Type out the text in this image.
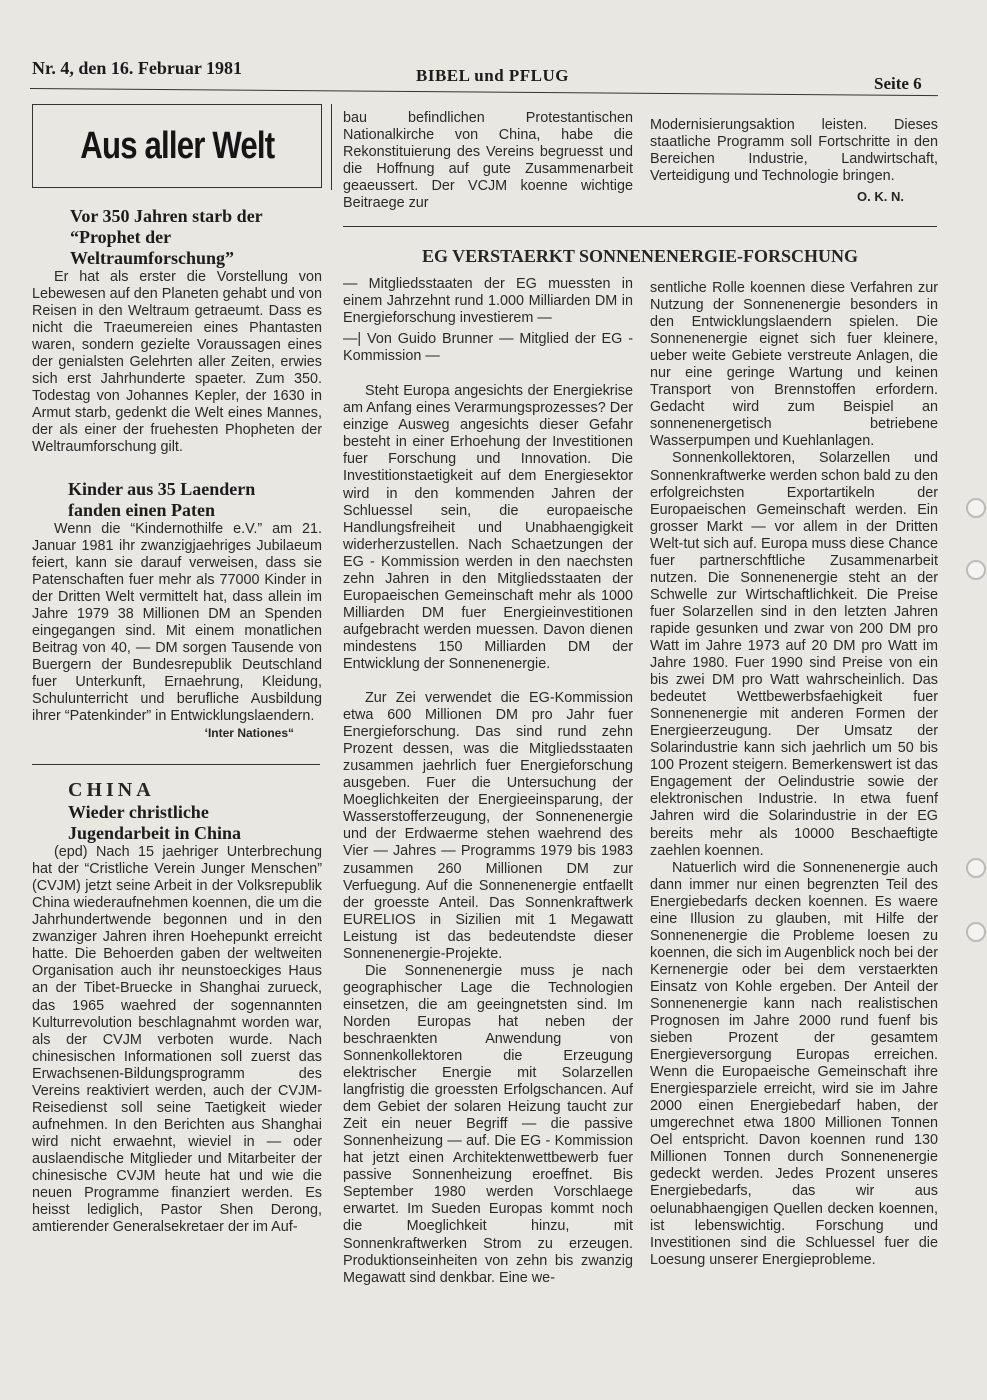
Nr. 4, den 16. Februar 1981	BIBEL und PFLUG	Seite 6
Aus aller Welt

Vor 350 Jahren starb der “Prophet der Weltraumforschung”

Er hat als erster die Vorstellung von Lebewesen auf den Planeten gehabt und von Reisen in den Weltraum getraeumt. Dass es nicht die Traeumereien eines Phantasten waren, sondern gezielte Voraussagen eines der genialsten Gelehrten aller Zeiten, erwies sich erst Jahrhunderte spaeter. Zum 350. Todestag von Johannes Kepler, der 1630 in Armut starb, gedenkt die Welt eines Mannes, der als einer der fruehesten Phopheten der Weltraumforschung gilt.

Kinder aus 35 Laendern fanden einen Paten

Wenn die “Kindernothilfe e.V.” am 21. Januar 1981 ihr zwanzigjaehriges Jubilaeum feiert, kann sie darauf verweisen, dass sie Patenschaften fuer mehr als 77000 Kinder in der Dritten Welt vermittelt hat, dass allein im Jahre 1979 38 Millionen DM an Spenden eingegangen sind. Mit einem monatlichen Beitrag von 40, — DM sorgen Tausende von Buergern der Bundesrepublik Deutschland fuer Unterkunft, Ernaehrung, Kleidung, Schulunterricht und berufliche Ausbildung ihrer “Patenkinder” in Entwicklungslaendern.

‘Inter Nationes“

CHINA

Wieder christliche Jugendarbeit in China

(epd) Nach 15 jaehriger Unterbrechung hat der “Cristliche Verein Junger Menschen” (CVJM) jetzt seine Arbeit in der Volksrepublik China wiederaufnehmen koennen, die um die Jahrhundertwende begonnen und in den zwanziger Jahren ihren Hoehepunkt erreicht hatte. Die Behoerden gaben der weltweiten Organisation auch ihr neunstoeckiges Haus an der Tibet-Bruecke in Shanghai zurueck, das 1965 waehred der sogennannten Kulturrevolution beschlagnahmt worden war, als der CVJM verboten wurde. Nach chinesischen Informationen soll zuerst das Erwachsenen-Bildungsprogramm des Vereins reaktiviert werden, auch der CVJM-Reisedienst soll seine Taetigkeit wieder aufnehmen. In den Berichten aus Shanghai wird nicht erwaehnt, wieviel in — oder auslaendische Mitglieder und Mitarbeiter der chinesische CVJM heute hat und wie die neuen Programme finanziert werden. Es heisst lediglich, Pastor Shen Derong, amtierender Generalsekretaer der im Auf-
bau befindlichen Protestantischen Nationalkirche von China, habe die Rekonstituierung des Vereins begruesst und die Hoffnung auf gute Zusammenarbeit geaeussert. Der VCJM koenne wichtige Beitraege zur
Modernisierungsaktion leisten. Dieses staatliche Programm soll Fortschritte in den Bereichen Industrie, Landwirtschaft, Verteidigung und Technologie bringen.

O. K. N.

EG VERSTAERKT SONNENENERGIE-FORSCHUNG

— Mitgliedsstaaten der EG muessten in einem Jahrzehnt rund 1.000 Milliarden DM in Energieforschung investierem —
—| Von Guido Brunner — Mitglied der EG - Kommission —
Steht Europa angesichts der Energiekrise am Anfang eines Verarmungsprozesses? Der einzige Ausweg angesichts dieser Gefahr besteht in einer Erhoehung der Investitionen fuer Forschung und Innovation. Die Investitionstaetigkeit auf dem Energiesektor wird in den kommenden Jahren der Schluessel sein, die europaeische Handlungsfreiheit und Unabhaengigkeit widerherzustellen. Nach Schaetzungen der EG - Kommission werden in den naechsten zehn Jahren in den Mitgliedsstaaten der Europaeischen Gemeinschaft mehr als 1000 Milliarden DM fuer Energieinvestitionen aufgebracht werden muessen. Davon dienen mindestens 150 Milliarden DM der Entwicklung der Sonnenenergie.
Zur Zei verwendet die EG-Kommission etwa 600 Millionen DM pro Jahr fuer Energieforschung. Das sind rund zehn Prozent dessen, was die Mitgliedsstaaten zusammen jaehrlich fuer Energieforschung ausgeben. Fuer die Untersuchung der Moeglichkeiten der Energieeinsparung, der Wasserstofferzeugung, der Sonnenenergie und der Erdwaerme stehen waehrend des Vier — Jahres — Programms 1979 bis 1983 zusammen 260 Millionen DM zur Verfuegung. Auf die Sonnenenergie entfaellt der groesste Anteil. Das Sonnenkraftwerk EURELIOS in Sizilien mit 1 Megawatt Leistung ist das bedeutendste dieser Sonnenenergie-Projekte.
Die Sonnenenergie muss je nach geographischer Lage die Technologien einsetzen, die am geeingnetsten sind. Im Norden Europas hat neben der beschraenkten Anwendung von Sonnenkollektoren die Erzeugung elektrischer Energie mit Solarzellen langfristig die groessten Erfolgschancen. Auf dem Gebiet der solaren Heizung taucht zur Zeit ein neuer Begriff — die passive Sonnenheizung — auf. Die EG - Kommission hat jetzt einen Architektenwettbewerb fuer passive Sonnenheizung eroeffnet. Bis September 1980 werden Vorschlaege erwartet. Im Sueden Europas kommt noch die Moeglichkeit hinzu, mit Sonnenkraftwerken Strom zu erzeugen. Produktionseinheiten von zehn bis zwanzig Megawatt sind denkbar. Eine we-
sentliche Rolle koennen diese Verfahren zur Nutzung der Sonnenenergie besonders in den Entwicklungslaendern spielen. Die Sonnenenergie eignet sich fuer kleinere, ueber weite Gebiete verstreute Anlagen, die nur eine geringe Wartung und keinen Transport von Brennstoffen erfordern. Gedacht wird zum Beispiel an sonnenenergetisch betriebene Wasserpumpen und Kuehlanlagen.
Sonnenkollektoren, Solarzellen und Sonnenkraftwerke werden schon bald zu den erfolgreichsten Exportartikeln der Europaeischen Gemeinschaft werden. Ein grosser Markt — vor allem in der Dritten Welt-tut sich auf. Europa muss diese Chance fuer partnerschftliche Zusammenarbeit nutzen. Die Sonnenenergie steht an der Schwelle zur Wirtschaftlichkeit. Die Preise fuer Solarzellen sind in den letzten Jahren rapide gesunken und zwar von 200 DM pro Watt im Jahre 1973 auf 20 DM pro Watt im Jahre 1980. Fuer 1990 sind Preise von ein bis zwei DM pro Watt wahrscheinlich. Das bedeutet Wettbewerbsfaehigkeit fuer Sonnenenergie mit anderen Formen der Energieerzeugung. Der Umsatz der Solarindustrie kann sich jaehrlich um 50 bis 100 Prozent steigern. Bemerkenswert ist das Engagement der Oelindustrie sowie der elektronischen Industrie. In etwa fuenf Jahren wird die Solarindustrie in der EG bereits mehr als 10000 Beschaeftigte zaehlen koennen.
Natuerlich wird die Sonnenenergie auch dann immer nur einen begrenzten Teil des Energiebedarfs decken koennen. Es waere eine Illusion zu glauben, mit Hilfe der Sonnenenergie die Probleme loesen zu koennen, die sich im Augenblick noch bei der Kernenergie oder bei dem verstaerkten Einsatz von Kohle ergeben. Der Anteil der Sonnenenergie kann nach realistischen Prognosen im Jahre 2000 rund fuenf bis sieben Prozent der gesamtem Energieversorgung Europas erreichen. Wenn die Europaeische Gemeinschaft ihre Energiesparziele erreicht, wird sie im Jahre 2000 einen Energiebedarf haben, der umgerechnet etwa 1800 Millionen Tonnen Oel entspricht. Davon koennen rund 130 Millionen Tonnen durch Sonnenenergie gedeckt werden. Jedes Prozent unseres Energiebedarfs, das wir aus oelunabhaengigen Quellen decken koennen, ist lebenswichtig. Forschung und Investitionen sind die Schluessel fuer die Loesung unserer Energieprobleme.
